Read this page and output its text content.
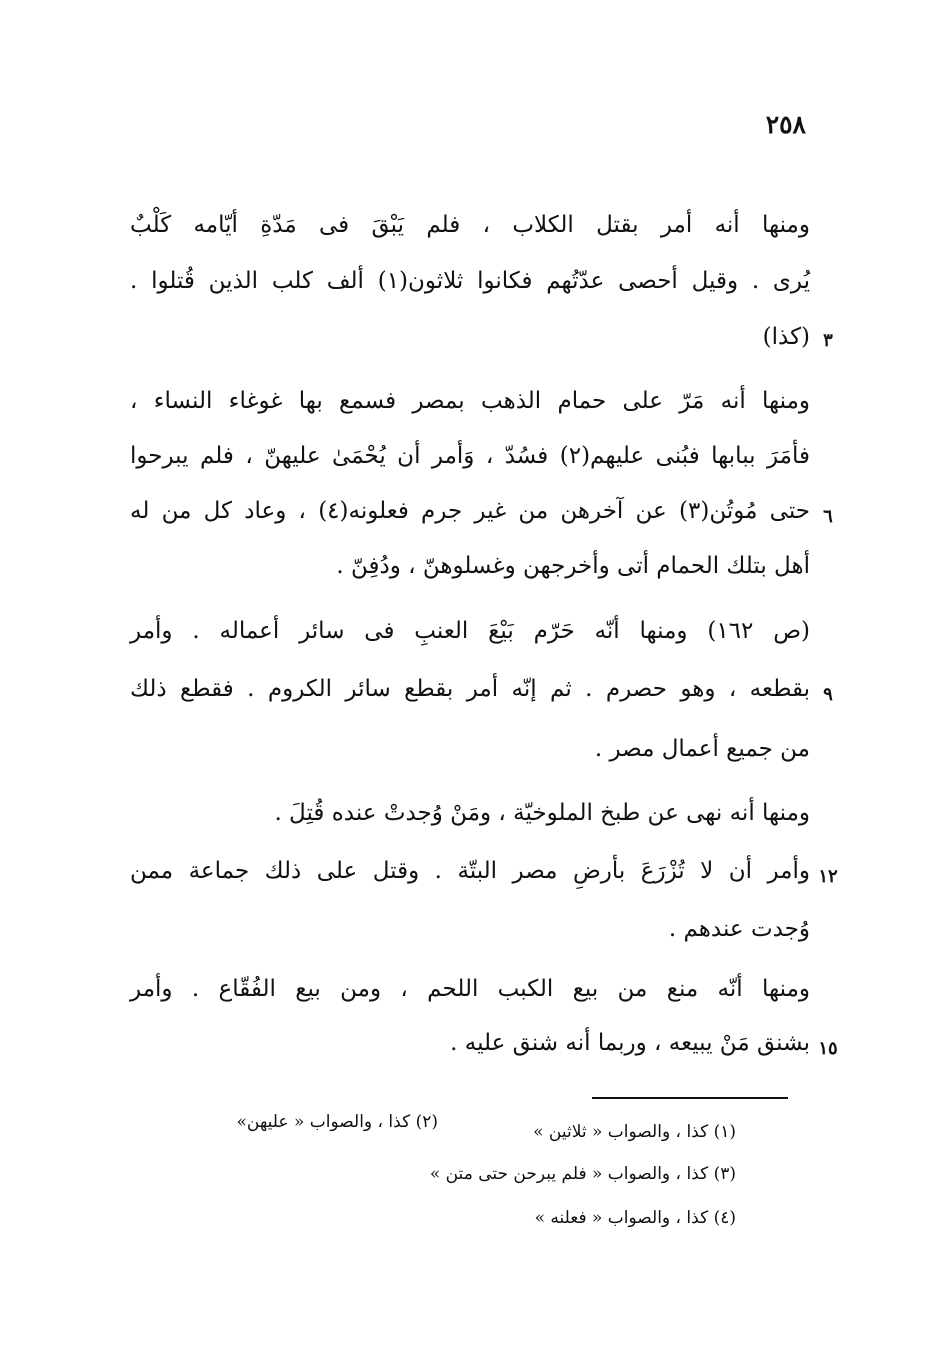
٢٥٨
ومنها أنه أمر بقتل الكلاب ، فلم يَبْقَ فى مَدّةِ أيّامه كَلْبٌ
يُرى . وقيل أحصى عدّتُهم فكانوا ثلاثون(١) ألف كلب الذين قُتلوا .
(كذا) ٣
ومنها أنه مَرّ على حمام الذهب بمصر فسمع بها غوغاء النساء ،
فأمَرَ ببابها فبُنى عليهم(٢) فسُدّ ، وَأمر أن يُحْمَىٰ عليهنّ ، فلم يبرحوا
حتى مُوتُن(٣) عن آخرهن من غير جرم فعلونه(٤) ، وعاد كل من له ٦
أهل بتلك الحمام أتى وأخرجهن وغسلوهنّ ، ودُفِنّ .
(ص ١٦٢) ومنها أنّه حَرّم بَيْعَ العنبِ فى سائر أعماله . وأمر
بقطعه ، وهو حصرم . ثم إنّه أمر بقطع سائر الكروم . فقطع ذلك ٩
من جميع أعمال مصر .
ومنها أنه نهى عن طبخ الملوخيّة ، ومَنْ وُجدتْ عنده قُتِلَ .
وأمر أن لا تُزْرَعَ بأرضِ مصر البتّة . وقتل على ذلك جماعة ممن ١٢
وُجدت عندهم .
ومنها أنّه منع من بيع الكبب اللحم ، ومن بيع الفُقّاع . وأمر
بشنق مَنْ يبيعه ، وربما أنه شنق عليه . ١٥
(١) كذا ، والصواب « ثلاثين »
(٢) كذا ، والصواب « عليهن»
(٣) كذا ، والصواب « فلم يبرحن حتى متن »
(٤) كذا ، والصواب « فعلنه »
